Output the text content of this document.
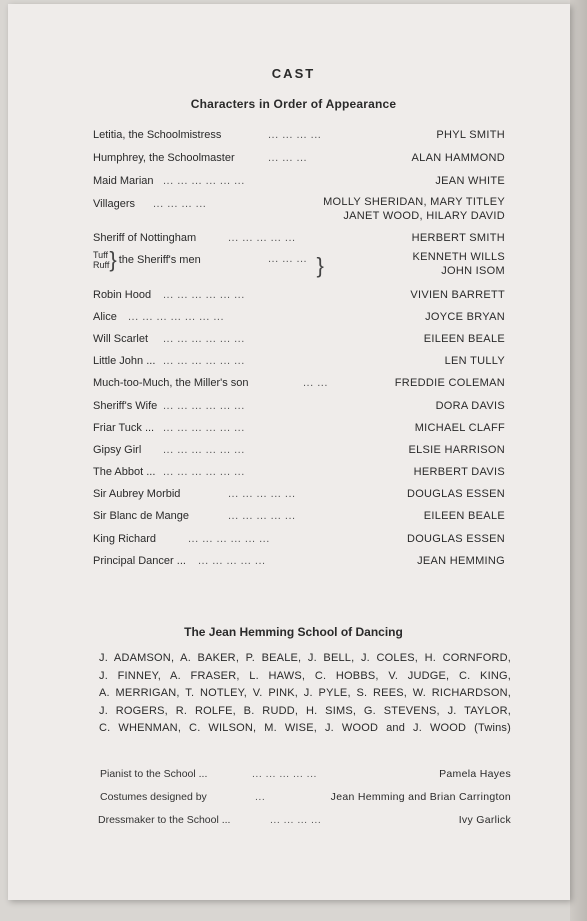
CAST
Characters in Order of Appearance
Letitia, the Schoolmistress	... ... ... ...	PHYL SMITH
Humphrey, the Schoolmaster	... ... ...	ALAN HAMMOND
Maid Marian ... ... ... ... ... ...	JEAN WHITE
Villagers ... ... ... ...	MOLLY SHERIDAN, MARY TITLEY
JANET WOOD, HILARY DAVID
Sheriff of Nottingham	... ... ... ... ...	HERBERT SMITH
Tuff
Ruff } the Sheriff's men	... ... ... }	KENNETH WILLS
JOHN ISOM
Robin Hood ... ... ... ... ... ...	VIVIEN BARRETT
Alice ... ... ... ... ... ... ...	JOYCE BRYAN
Will Scarlet ... ... ... ... ... ...	EILEEN BEALE
Little John ... ... ... ... ... ... ...	LEN TULLY
Much-too-Much, the Miller's son	... ...	FREDDIE COLEMAN
Sheriff's Wife ... ... ... ... ... ...	DORA DAVIS
Friar Tuck ... ... ... ... ... ... ...	MICHAEL CLAFF
Gipsy Girl ... ... ... ... ... ...	ELSIE HARRISON
The Abbot ... ... ... ... ... ... ...	HERBERT DAVIS
Sir Aubrey Morbid	... ... ... ... ...	DOUGLAS ESSEN
Sir Blanc de Mange	... ... ... ... ...	EILEEN BEALE
King Richard	... ... ... ... ... ...	DOUGLAS ESSEN
Principal Dancer ... ... ... ... ... ...	JEAN HEMMING
The Jean Hemming School of Dancing
J. ADAMSON, A. BAKER, P. BEALE, J. BELL, J. COLES, H. CORNFORD,
J. FINNEY, A. FRASER, L. HAWS, C. HOBBS, V. JUDGE, C. KING,
A. MERRIGAN, T. NOTLEY, V. PINK, J. PYLE, S. REES, W. RICHARDSON,
J. ROGERS, R. ROLFE, B. RUDD, H. SIMS, G. STEVENS, J. TAYLOR,
C. WHENMAN, C. WILSON, M. WISE, J. WOOD and J. WOOD (Twins)
Pianist to the School ...	... ... ... ... ...	Pamela Hayes
Costumes designed by	...	Jean Hemming and Brian Carrington
Dressmaker to the School ...	... ... ... ...	Ivy Garlick
